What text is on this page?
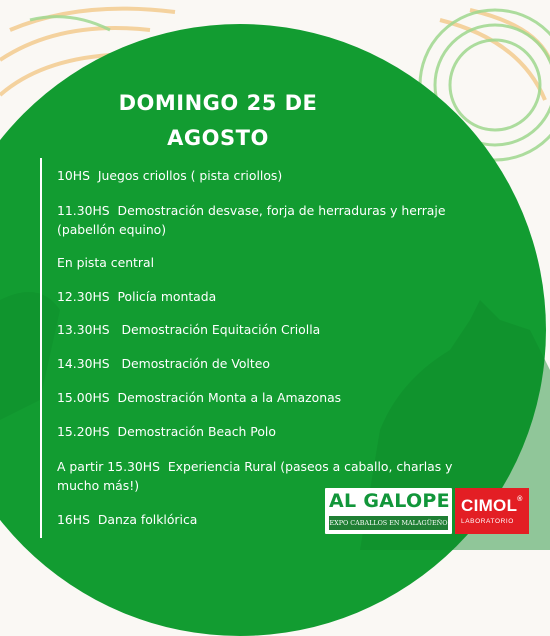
DOMINGO 25 DE
AGOSTO
10HS  Juegos criollos ( pista criollos)
11.30HS  Demostración desvase, forja de herraduras y herraje
(pabellón equino)
En pista central
12.30HS  Policía montada
13.30HS   Demostración Equitación Criolla
14.30HS   Demostración de Volteo
15.00HS  Demostración Monta a la Amazonas
15.20HS  Demostración Beach Polo
A partir 15.30HS  Experiencia Rural (paseos a caballo, charlas y
mucho más!)
16HS  Danza folklórica
AL GALOPE
EXPO CABALLOS EN MALAGÜEÑO
CIMOL®
LABORATORIO
